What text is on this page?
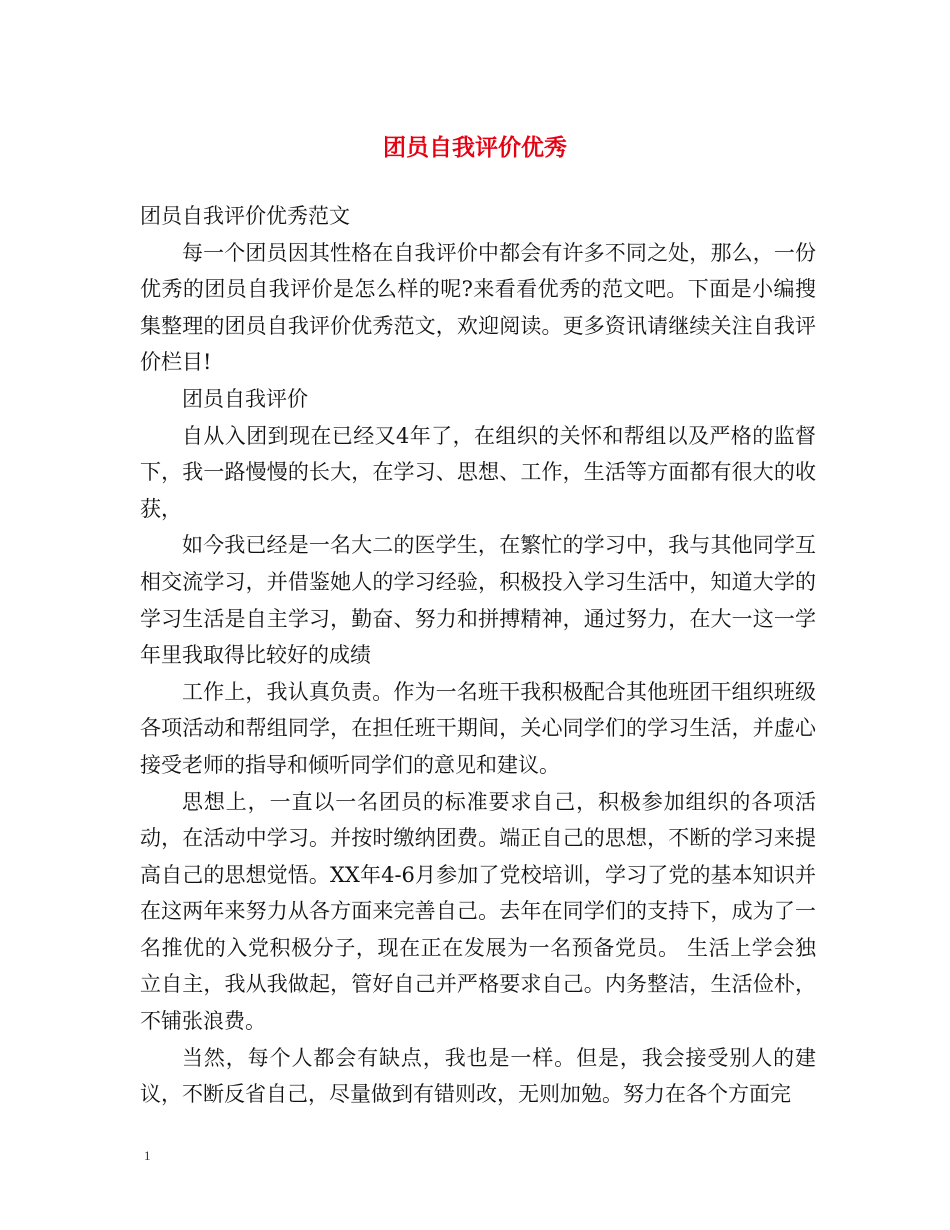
团员自我评价优秀

团员自我评价优秀范文

每一个团员因其性格在自我评价中都会有许多不同之处，那么，一份优秀的团员自我评价是怎么样的呢?来看看优秀的范文吧。下面是小编搜集整理的团员自我评价优秀范文，欢迎阅读。更多资讯请继续关注自我评价栏目!

团员自我评价

自从入团到现在已经又4年了，在组织的关怀和帮组以及严格的监督下，我一路慢慢的长大，在学习、思想、工作，生活等方面都有很大的收获，

如今我已经是一名大二的医学生，在繁忙的学习中，我与其他同学互相交流学习，并借鉴她人的学习经验，积极投入学习生活中，知道大学的学习生活是自主学习，勤奋、努力和拼搏精神，通过努力，在大一这一学年里我取得比较好的成绩

工作上，我认真负责。作为一名班干我积极配合其他班团干组织班级各项活动和帮组同学，在担任班干期间，关心同学们的学习生活，并虚心接受老师的指导和倾听同学们的意见和建议。

思想上，一直以一名团员的标准要求自己，积极参加组织的各项活动，在活动中学习。并按时缴纳团费。端正自己的思想，不断的学习来提高自己的思想觉悟。XX年4-6月参加了党校培训，学习了党的基本知识并在这两年来努力从各方面来完善自己。去年在同学们的支持下，成为了一名推优的入党积极分子，现在正在发展为一名预备党员。 生活上学会独立自主，我从我做起，管好自己并严格要求自己。内务整洁，生活俭朴，不铺张浪费。

当然，每个人都会有缺点，我也是一样。但是，我会接受别人的建议，不断反省自己，尽量做到有错则改，无则加勉。努力在各个方面完

1
